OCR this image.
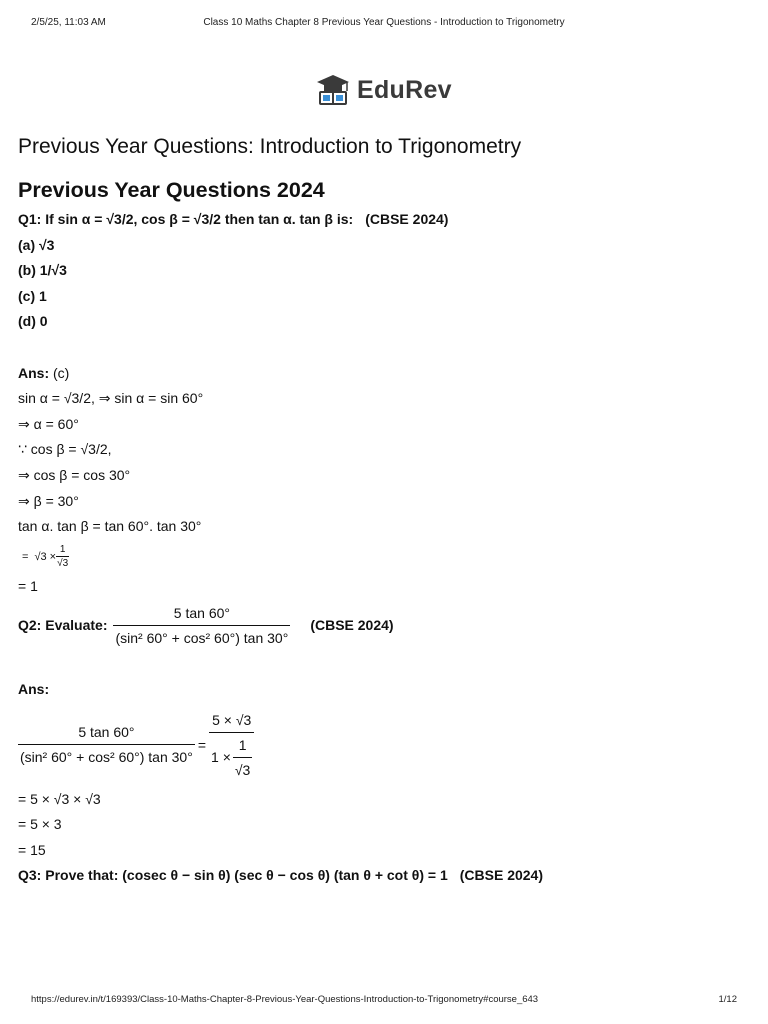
2/5/25, 11:03 AM	Class 10 Maths Chapter 8 Previous Year Questions - Introduction to Trigonometry
EduRev
Previous Year Questions: Introduction to Trigonometry
Previous Year Questions 2024
Q1: If sin α = √3/2, cos β = √3/2 then tan α. tan β is: (CBSE 2024)
(a) √3
(b) 1/√3
(c) 1
(d) 0
Ans: (c)
sin α = √3/2, ⇒ sin α = sin 60°
⇒ α = 60°
∵ cos β = √3/2,
⇒ cos β = cos 30°
⇒ β = 30°
tan α. tan β = tan 60°. tan 30°
= $√3 \times \frac{1}{√3}$
= 1
Q2: Evaluate: $\frac{5 \tan 60^\circ}{\text{(sin² 60° + cos² 60°) tan 30°}}$ (CBSE 2024)
Ans:
$\frac{5 \tan 60^\circ}{\text{(sin² 60° + cos² 60°) tan 30°}} = \frac{5 \times √3}{1 \times \frac{1}{√3}}$
= 5 × √3 × √3
= 5 × 3
= 15
Q3: Prove that: (cosec θ − sin θ) (sec θ − cos θ) (tan θ + cot θ) = 1 (CBSE 2024)
https://edurev.in/t/169393/Class-10-Maths-Chapter-8-Previous-Year-Questions-Introduction-to-Trigonometry#course_643	1/12
